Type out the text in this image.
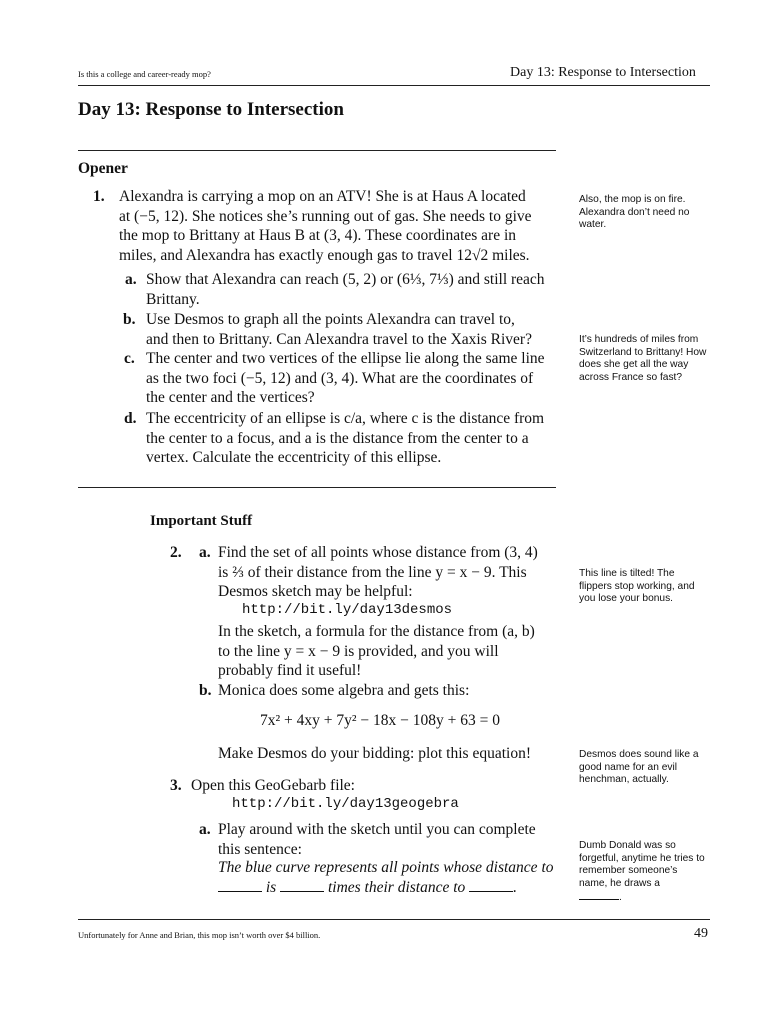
Is this a college and career-ready mop?	Day 13: Response to Intersection
Day 13: Response to Intersection
Opener
1. Alexandra is carrying a mop on an ATV! She is at Haus A located
at (−5, 12). She notices she’s running out of gas. She needs to give
the mop to Brittany at Haus B at (3, 4). These coordinates are in
miles, and Alexandra has exactly enough gas to travel 12√2 miles.
a. Show that Alexandra can reach (5, 2) or (6⅓, 7⅓) and still reach
Brittany.
b. Use Desmos to graph all the points Alexandra can travel to,
and then to Brittany. Can Alexandra travel to the Xaxis River?
c. The center and two vertices of the ellipse lie along the same line
as the two foci (−5, 12) and (3, 4). What are the coordinates of
the center and the vertices?
d. The eccentricity of an ellipse is c/a, where c is the distance from
the center to a focus, and a is the distance from the center to a
vertex. Calculate the eccentricity of this ellipse.
Important Stuff
2. a. Find the set of all points whose distance from (3, 4)
is ⅔ of their distance from the line y = x − 9. This
Desmos sketch may be helpful:
http://bit.ly/day13desmos
In the sketch, a formula for the distance from (a, b)
to the line y = x − 9 is provided, and you will
probably find it useful!
b. Monica does some algebra and gets this:
7x² + 4xy + 7y² − 18x − 108y + 63 = 0
Make Desmos do your bidding: plot this equation!
3. Open this GeoGebarb file:
http://bit.ly/day13geogebra
a. Play around with the sketch until you can complete
this sentence:
The blue curve represents all points whose distance to
is	times their distance to	.
Also, the mop is on fire. Alexandra don’t need no water.
It’s hundreds of miles from Switzerland to Brittany! How does she get all the way across France so fast?
This line is tilted! The flippers stop working, and you lose your bonus.
Desmos does sound like a good name for an evil henchman, actually.
Dumb Donald was so forgetful, anytime he tries to remember someone’s name, he draws a
.
Unfortunately for Anne and Brian, this mop isn’t worth over $4 billion.	49
